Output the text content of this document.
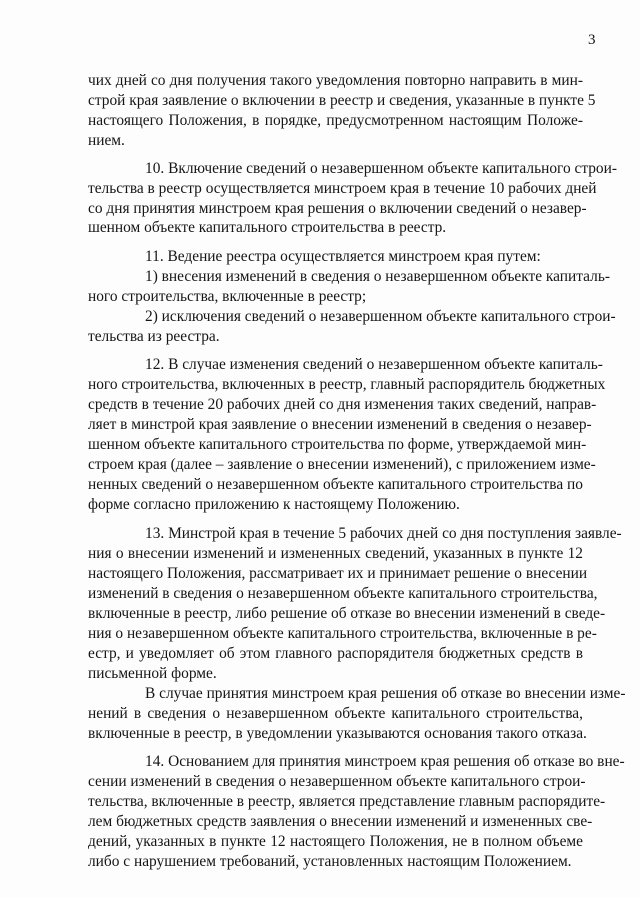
3
чих дней со дня получения такого уведомления повторно направить в мин-
строй края заявление о включении в реестр и сведения, указанные в пункте 5
настоящего Положения, в порядке, предусмотренном настоящим Положе-
нием.
10. Включение сведений о незавершенном объекте капитального строи-
тельства в реестр осуществляется минстроем края в течение 10 рабочих дней
со дня принятия минстроем края решения о включении сведений о незавер-
шенном объекте капитального строительства в реестр.
11. Ведение реестра осуществляется минстроем края путем:
1) внесения изменений в сведения о незавершенном объекте капиталь-
ного строительства, включенные в реестр;
2) исключения сведений о незавершенном объекте капитального строи-
тельства из реестра.
12. В случае изменения сведений о незавершенном объекте капиталь-
ного строительства, включенных в реестр, главный распорядитель бюджетных
средств в течение 20 рабочих дней со дня изменения таких сведений, направ-
ляет в минстрой края заявление о внесении изменений в сведения о незавер-
шенном объекте капитального строительства по форме, утверждаемой мин-
строем края (далее – заявление о внесении изменений), с приложением изме-
ненных сведений о незавершенном объекте капитального строительства по
форме согласно приложению к настоящему Положению.
13. Минстрой края в течение 5 рабочих дней со дня поступления заявле-
ния о внесении изменений и измененных сведений, указанных в пункте 12
настоящего Положения, рассматривает их и принимает решение о внесении
изменений в сведения о незавершенном объекте капитального строительства,
включенные в реестр, либо решение об отказе во внесении изменений в сведе-
ния о незавершенном объекте капитального строительства, включенные в ре-
естр, и уведомляет об этом главного распорядителя бюджетных средств в
письменной форме.
В случае принятия минстроем края решения об отказе во внесении изме-
нений в сведения о незавершенном объекте капитального строительства,
включенные в реестр, в уведомлении указываются основания такого отказа.
14. Основанием для принятия минстроем края решения об отказе во вне-
сении изменений в сведения о незавершенном объекте капитального строи-
тельства, включенные в реестр, является представление главным распорядите-
лем бюджетных средств заявления о внесении изменений и измененных све-
дений, указанных в пункте 12 настоящего Положения, не в полном объеме
либо с нарушением требований, установленных настоящим Положением.
